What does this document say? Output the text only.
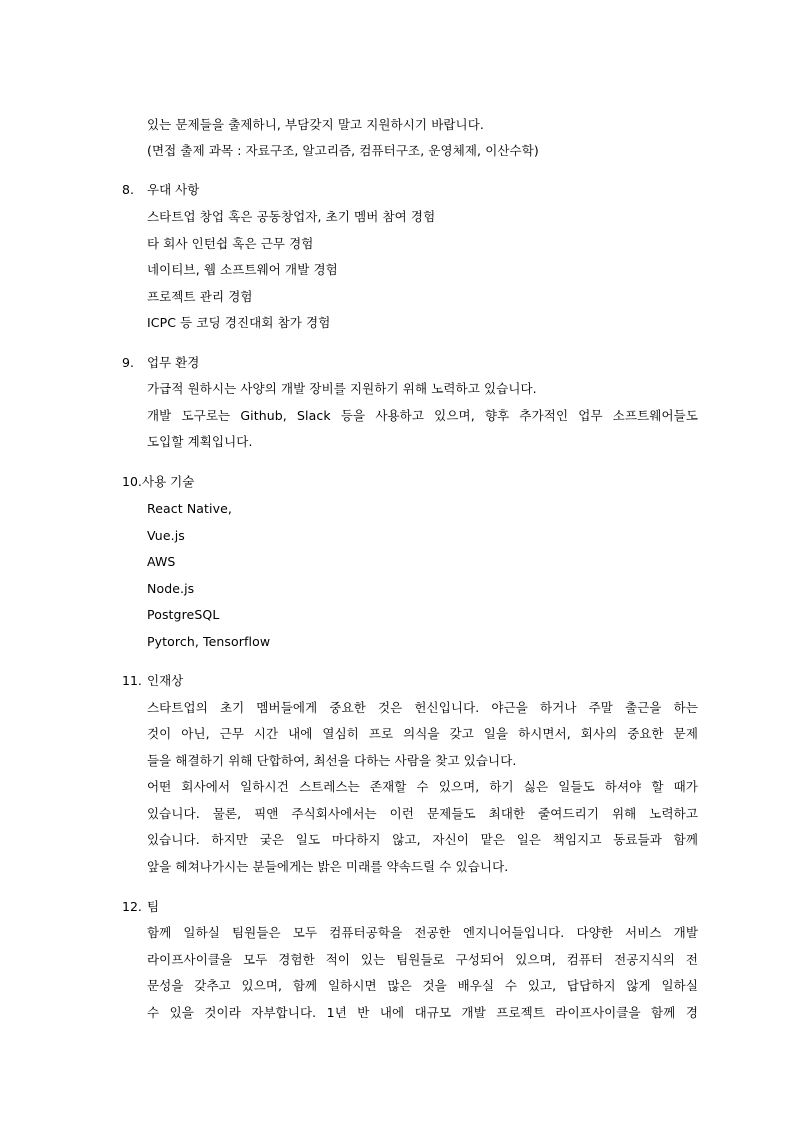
있는 문제들을 출제하니, 부담갖지 말고 지원하시기 바랍니다.
(면접 출제 과목 : 자료구조, 알고리즘, 컴퓨터구조, 운영체제, 이산수학)
8. 우대 사항
스타트업 창업 혹은 공동창업자, 초기 멤버 참여 경험
타 회사 인턴쉽 혹은 근무 경험
네이티브, 웹 소프트웨어 개발 경험
프로젝트 관리 경험
ICPC 등 코딩 경진대회 참가 경험
9. 업무 환경
가급적 원하시는 사양의 개발 장비를 지원하기 위해 노력하고 있습니다.
개발 도구로는 Github, Slack 등을 사용하고 있으며, 향후 추가적인 업무 소프트웨어들도
도입할 계획입니다.
10. 사용 기술
React Native,
Vue.js
AWS
Node.js
PostgreSQL
Pytorch, Tensorflow
11. 인재상
스타트업의 초기 멤버들에게 중요한 것은 헌신입니다. 야근을 하거나 주말 출근을 하는
것이 아닌, 근무 시간 내에 열심히 프로 의식을 갖고 일을 하시면서, 회사의 중요한 문제
들을 해결하기 위해 단합하여, 최선을 다하는 사람을 찾고 있습니다.
어떤 회사에서 일하시건 스트레스는 존재할 수 있으며, 하기 싫은 일들도 하셔야 할 때가
있습니다. 물론, 픽앤 주식회사에서는 이런 문제들도 최대한 줄여드리기 위해 노력하고
있습니다. 하지만 궂은 일도 마다하지 않고, 자신이 맡은 일은 책임지고 동료들과 함께
앞을 헤쳐나가시는 분들에게는 밝은 미래를 약속드릴 수 있습니다.
12. 팀
함께 일하실 팀원들은 모두 컴퓨터공학을 전공한 엔지니어들입니다. 다양한 서비스 개발
라이프사이클을 모두 경험한 적이 있는 팀원들로 구성되어 있으며, 컴퓨터 전공지식의 전
문성을 갖추고 있으며, 함께 일하시면 많은 것을 배우실 수 있고, 답답하지 않게 일하실
수 있을 것이라 자부합니다. 1년 반 내에 대규모 개발 프로젝트 라이프사이클을 함께 경
